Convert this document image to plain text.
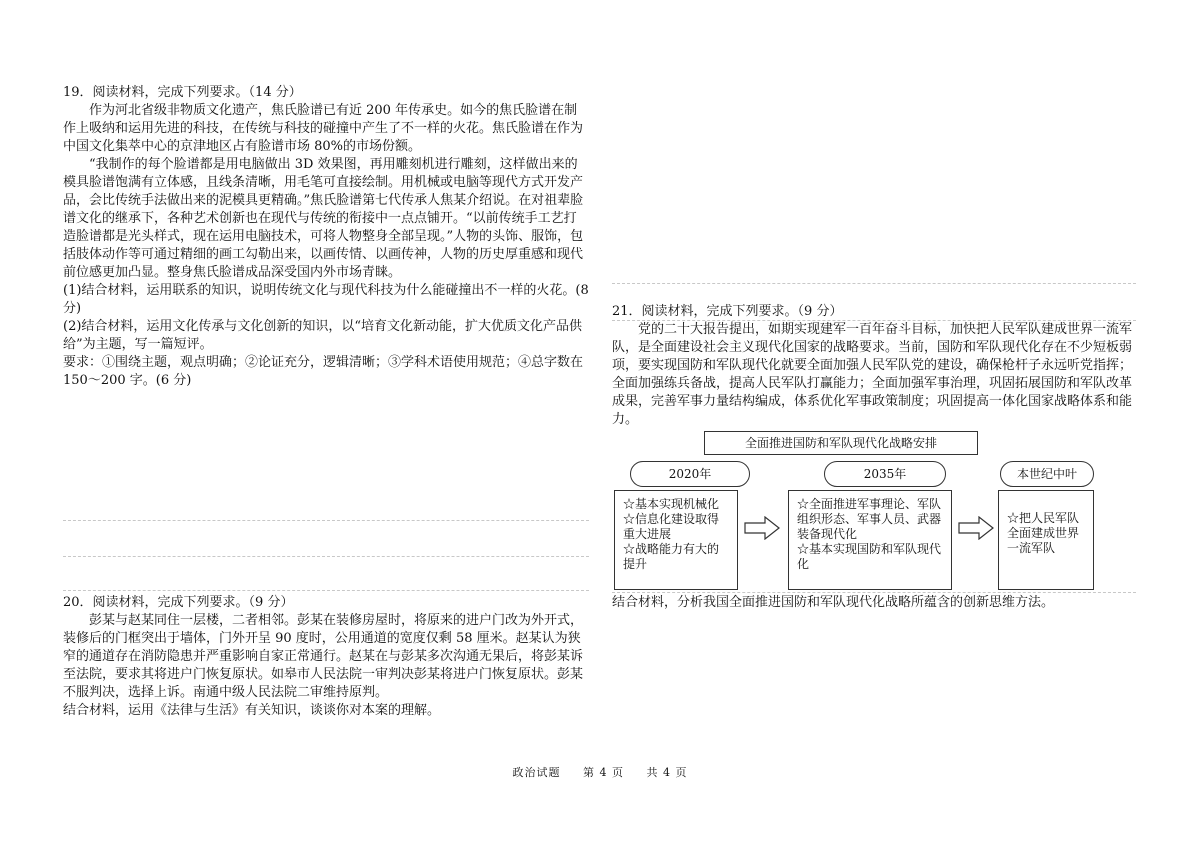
19．阅读材料，完成下列要求。（14 分）

作为河北省级非物质文化遗产，焦氏脸谱已有近 200 年传承史。如今的焦氏脸谱在制作上吸纳和运用先进的科技，在传统与科技的碰撞中产生了不一样的火花。焦氏脸谱在作为中国文化集萃中心的京津地区占有脸谱市场 80%的市场份额。

“我制作的每个脸谱都是用电脑做出 3D 效果图，再用雕刻机进行雕刻，这样做出来的模具脸谱饱满有立体感，且线条清晰，用毛笔可直接绘制。用机械或电脑等现代方式开发产品，会比传统手法做出来的泥模具更精确。”焦氏脸谱第七代传承人焦某介绍说。在对祖辈脸谱文化的继承下，各种艺术创新也在现代与传统的衔接中一点点铺开。“以前传统手工艺打造脸谱都是光头样式，现在运用电脑技术，可将人物整身全部呈现。”人物的头饰、服饰，包括肢体动作等可通过精细的画工勾勒出来，以画传情、以画传神，人物的历史厚重感和现代前位感更加凸显。整身焦氏脸谱成品深受国内外市场青睐。

(1)结合材料，运用联系的知识，说明传统文化与现代科技为什么能碰撞出不一样的火花。(8 分)

(2)结合材料，运用文化传承与文化创新的知识，以“培育文化新动能，扩大优质文化产品供给”为主题，写一篇短评。

要求：①围绕主题，观点明确；②论证充分，逻辑清晰；③学科术语使用规范；④总字数在 150～200 字。(6 分)

20．阅读材料，完成下列要求。（9 分）

彭某与赵某同住一层楼，二者相邻。彭某在装修房屋时，将原来的进户门改为外开式，装修后的门框突出于墙体，门外开呈 90 度时，公用通道的宽度仅剩 58 厘米。赵某认为狭窄的通道存在消防隐患并严重影响自家正常通行。赵某在与彭某多次沟通无果后，将彭某诉至法院，要求其将进户门恢复原状。如皋市人民法院一审判决彭某将进户门恢复原状。彭某不服判决，选择上诉。南通中级人民法院二审维持原判。

结合材料，运用《法律与生活》有关知识，谈谈你对本案的理解。

21．阅读材料，完成下列要求。（9 分）

党的二十大报告提出，如期实现建军一百年奋斗目标，加快把人民军队建成世界一流军队，是全面建设社会主义现代化国家的战略要求。当前，国防和军队现代化存在不少短板弱项，要实现国防和军队现代化就要全面加强人民军队党的建设，确保枪杆子永远听党指挥；全面加强练兵备战，提高人民军队打赢能力；全面加强军事治理，巩固拓展国防和军队改革成果，完善军事力量结构编成，体系优化军事政策制度；巩固提高一体化国家战略体系和能力。

全面推进国防和军队现代化战略安排
2020年	2035年	本世纪中叶

☆基本实现机械化

☆信息化建设取得重大进展

☆战略能力有大的提升

☆全面推进军事理论、军队组织形态、军事人员、武器装备现代化

☆基本实现国防和军队现代化

☆把人民军队全面建成世界一流军队

结合材料，分析我国全面推进国防和军队现代化战略所蕴含的创新思维方法。

政治试题 第 4 页 共 4 页
